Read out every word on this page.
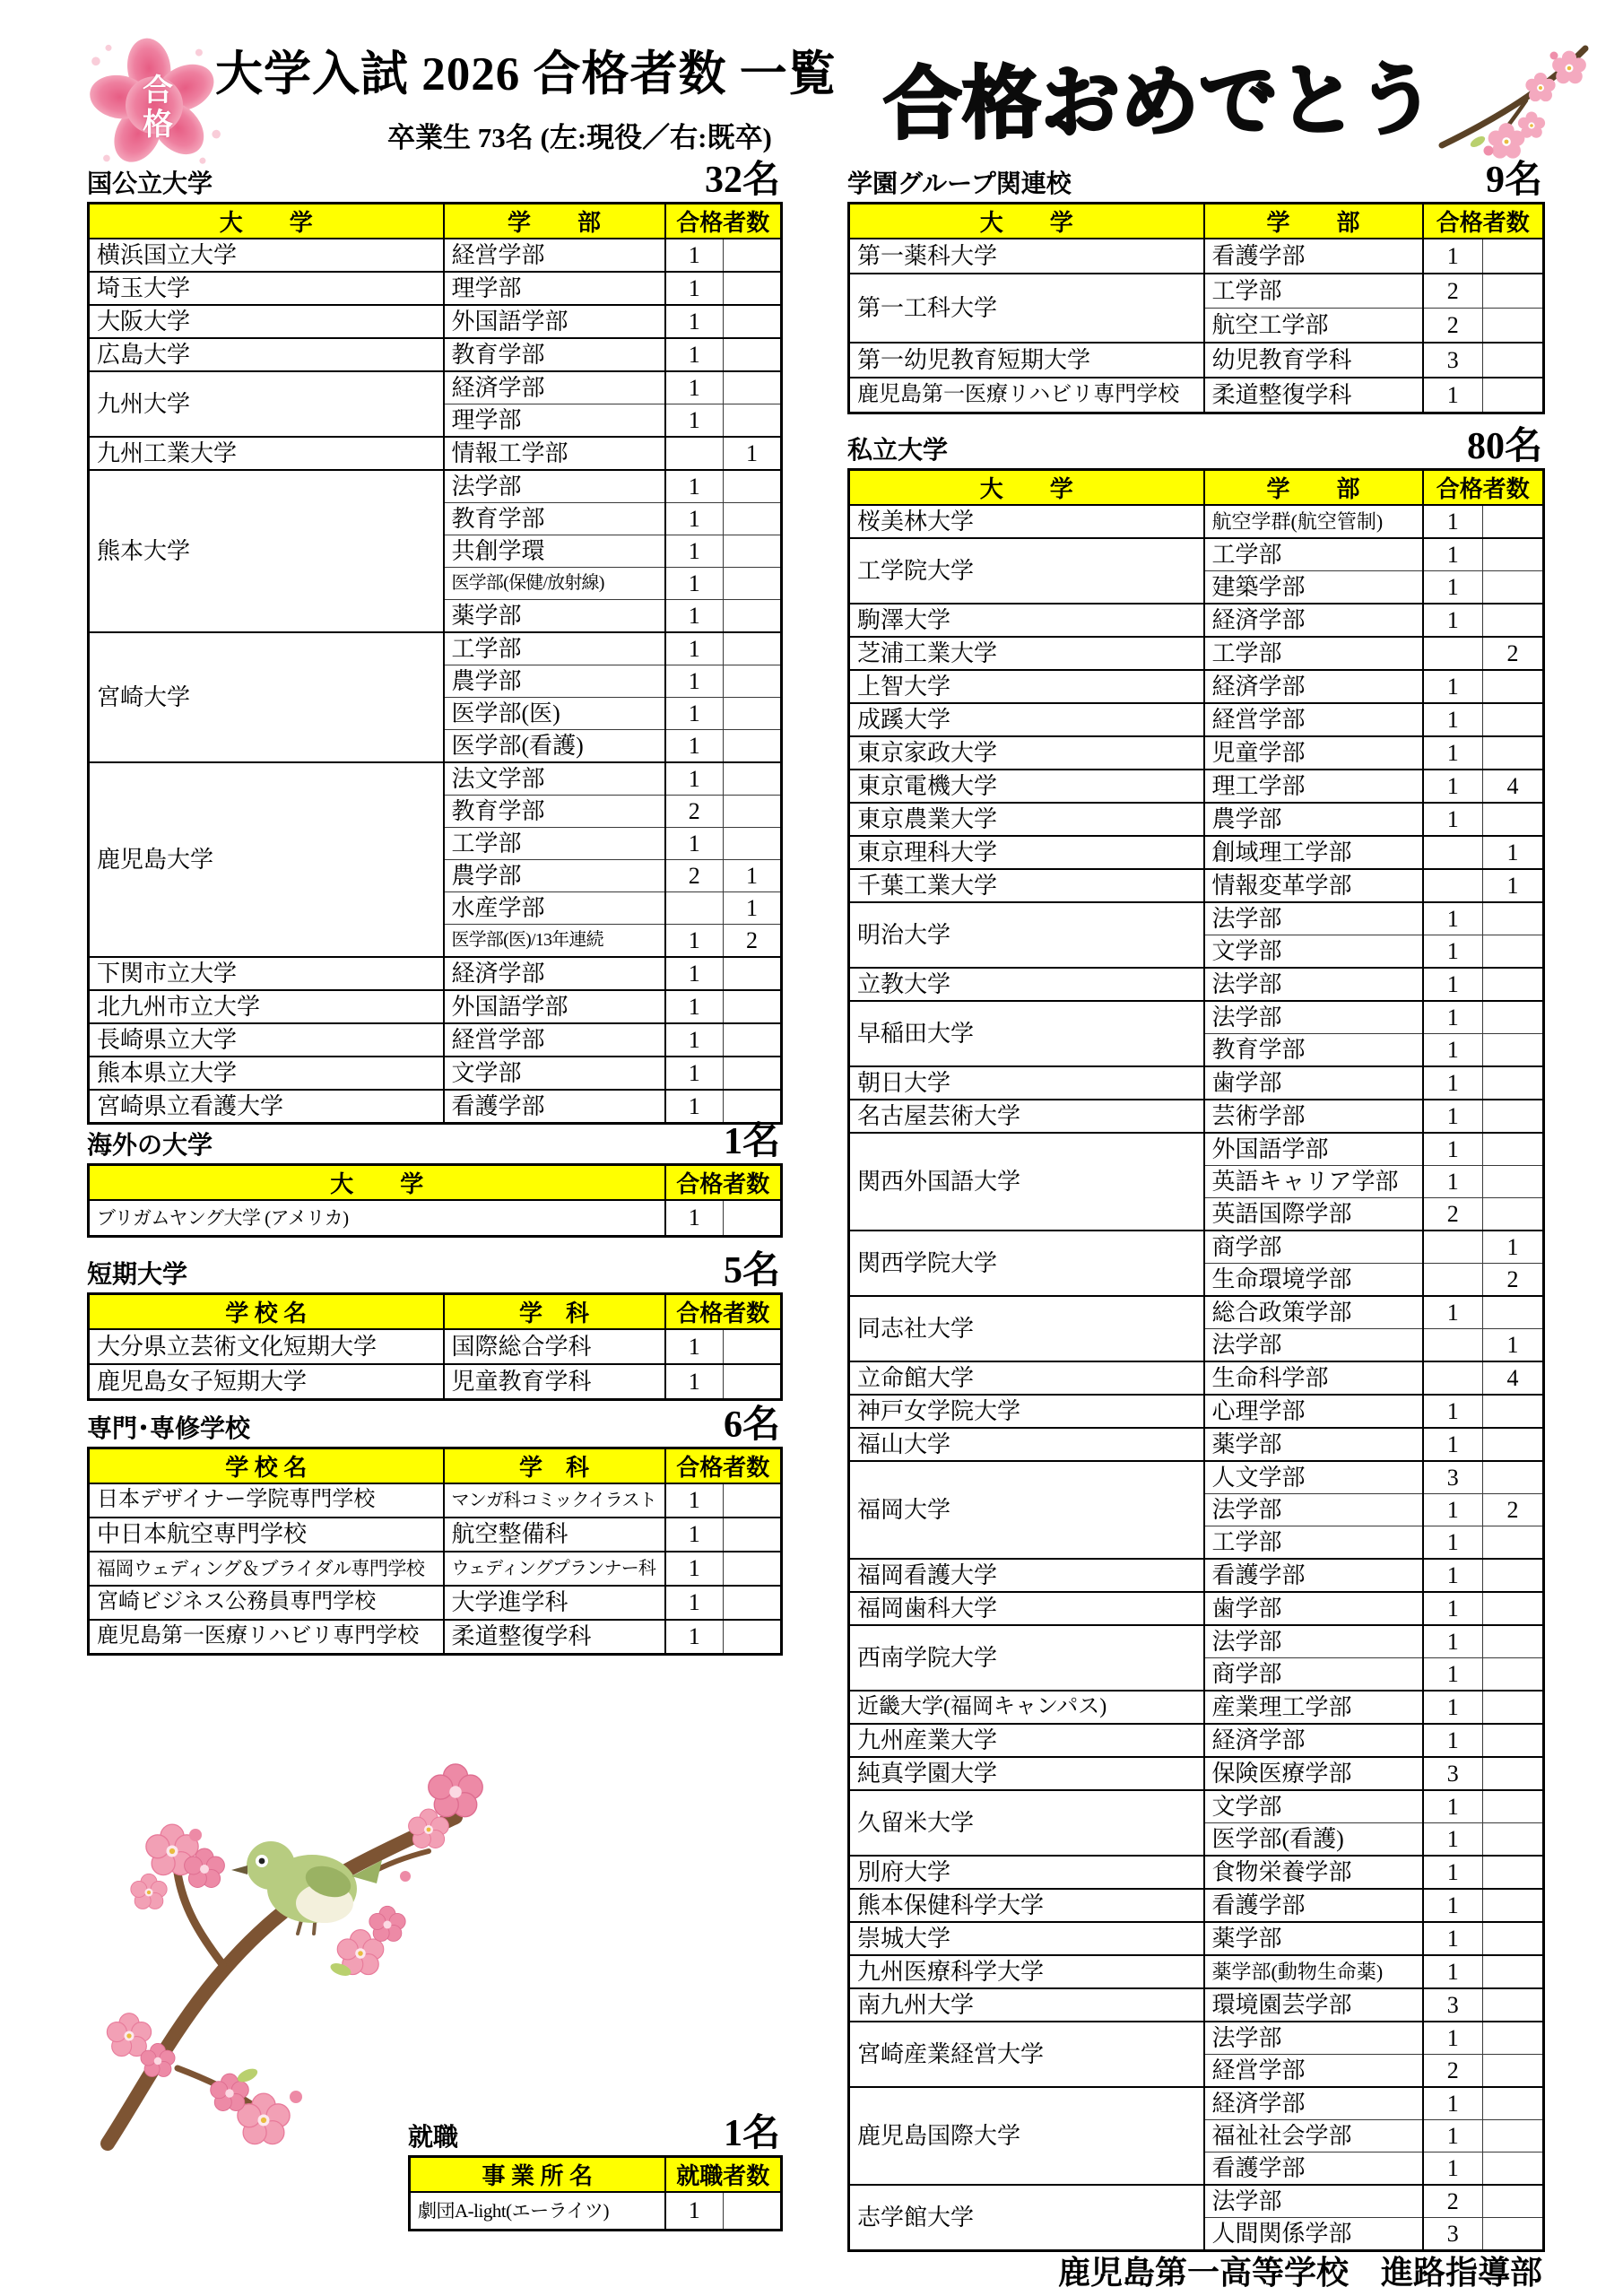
合格 大学入試 2026 合格者数 一覧
卒業生 73名 (左:現役／右:既卒) 合格おめでとう
国公立大学	32名
大　　学	学　　部	合格者数	
横浜国立大学	経営学部	1	
埼玉大学	理学部	1	
大阪大学	外国語学部	1	
広島大学	教育学部	1	
九州大学	経済学部	1	
	理学部	1	
九州工業大学	情報工学部		1
熊本大学	法学部	1	
	教育学部	1	
	共創学環	1	
	医学部(保健/放射線)	1	
	薬学部	1	
宮崎大学	工学部	1	
	農学部	1	
	医学部(医)	1	
	医学部(看護)	1	
鹿児島大学	法文学部	1	
	教育学部	2	
	工学部	1	
	農学部	2	1
	水産学部		1
	医学部(医)/13年連続	1	2
下関市立大学	経済学部	1	
北九州市立大学	外国語学部	1	
長崎県立大学	経営学部	1	
熊本県立大学	文学部	1	
宮崎県立看護大学	看護学部	1	
海外の大学	1名
大　　学	合格者数	
ブリガムヤング大学 (アメリカ)	1	
短期大学	5名
学 校 名	学　科	合格者数	
大分県立芸術文化短期大学	国際総合学科	1	
鹿児島女子短期大学	児童教育学科	1	
専門･専修学校	6名
学 校 名	学　科	合格者数	
日本デザイナー学院専門学校	マンガ科コミックイラスト	1	
中日本航空専門学校	航空整備科	1	
福岡ウェディング＆ブライダル専門学校	ウェディングプランナー科	1	
宮崎ビジネス公務員専門学校	大学進学科	1	
鹿児島第一医療リハビリ専門学校	柔道整復学科	1	
就職	1名
事 業 所 名	就職者数	
劇団A-light(エーライツ)	1	
学園グループ関連校	9名
大　　学	学　　部	合格者数	
第一薬科大学	看護学部	1	
第一工科大学	工学部	2	
	航空工学部	2	
第一幼児教育短期大学	幼児教育学科	3	
鹿児島第一医療リハビリ専門学校	柔道整復学科	1	
私立大学	80名
大　　学	学　　部	合格者数	
桜美林大学	航空学群(航空管制)	1	
工学院大学	工学部	1	
	建築学部	1	
駒澤大学	経済学部	1	
芝浦工業大学	工学部		2
上智大学	経済学部	1	
成蹊大学	経営学部	1	
東京家政大学	児童学部	1	
東京電機大学	理工学部	1	4
東京農業大学	農学部	1	
東京理科大学	創域理工学部		1
千葉工業大学	情報変革学部		1
明治大学	法学部	1	
	文学部	1	
立教大学	法学部	1	
早稲田大学	法学部	1	
	教育学部	1	
朝日大学	歯学部	1	
名古屋芸術大学	芸術学部	1	
関西外国語大学	外国語学部	1	
	英語キャリア学部	1	
	英語国際学部	2	
関西学院大学	商学部		1
	生命環境学部		2
同志社大学	総合政策学部	1	
	法学部		1
立命館大学	生命科学部		4
神戸女学院大学	心理学部	1	
福山大学	薬学部	1	
福岡大学	人文学部	3	
	法学部	1	2
	工学部	1	
福岡看護大学	看護学部	1	
福岡歯科大学	歯学部	1	
西南学院大学	法学部	1	
	商学部	1	
近畿大学(福岡キャンパス)	産業理工学部	1	
九州産業大学	経済学部	1	
純真学園大学	保険医療学部	3	
久留米大学	文学部	1	
	医学部(看護)	1	
別府大学	食物栄養学部	1	
熊本保健科学大学	看護学部	1	
崇城大学	薬学部	1	
九州医療科学大学	薬学部(動物生命薬)	1	
南九州大学	環境園芸学部	3	
宮崎産業経営大学	法学部	1	
	経営学部	2	
鹿児島国際大学	経済学部	1	
	福祉社会学部	1	
	看護学部	1	
志学館大学	法学部	2	
	人間関係学部	3	
鹿児島第一高等学校　進路指導部
